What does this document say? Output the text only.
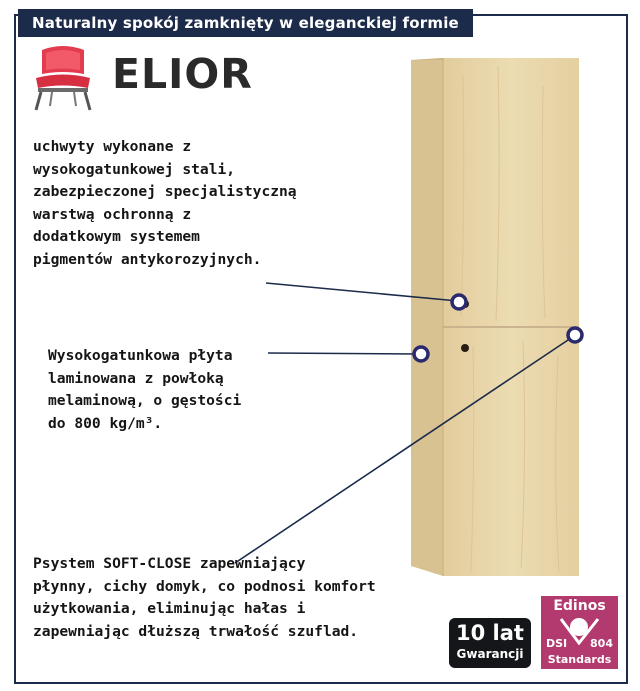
Naturalny spokój zamknięty w eleganckiej formie
ELIOR
uchwyty wykonane z
wysokogatunkowej stali,
zabezpieczonej specjalistyczną
warstwą ochronną z
dodatkowym systemem
pigmentów antykorozyjnych.
Wysokogatunkowa płyta
laminowana z powłoką
melaminową, o gęstości
do 800 kg/m³.
Psystem SOFT-CLOSE zapewniający
płynny, cichy domyk, co podnosi komfort
użytkowania, eliminując hałas i
zapewniając dłuższą trwałość szuflad.	10 lat
Gwarancji
Edinos
DSI 804
Standards
